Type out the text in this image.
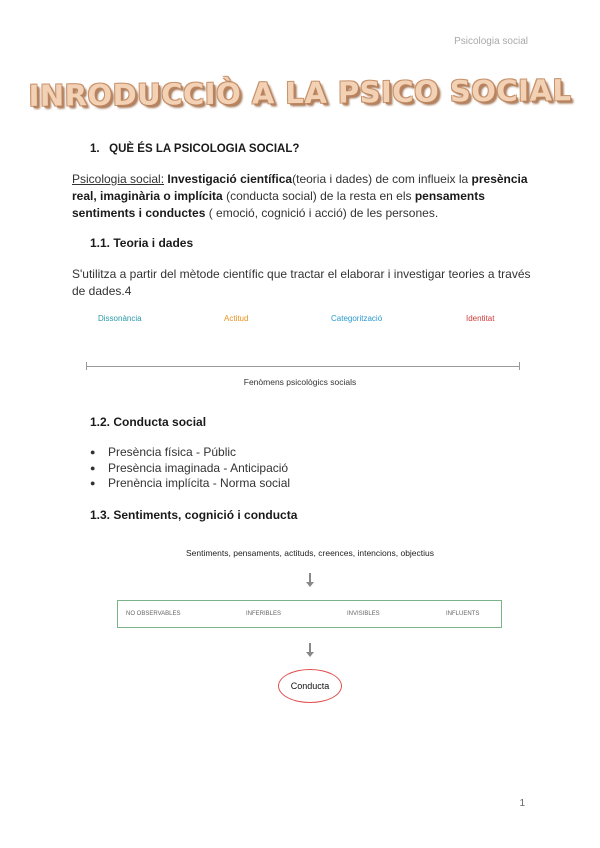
Psicologia social
INRODUCCIÒ A LA PSICO SOCIAL
1.   QUÈ ÉS LA PSICOLOGIA SOCIAL?
Psicologia social: Investigació científica(teoria i dades) de com influeix la presència real, imaginària o implícita (conducta social) de la resta en els pensaments sentiments i conductes ( emoció, cognició i acció) de les persones.
1.1. Teoria i dades
S'utilitza a partir del mètode científic que tractar el elaborar i investigar teories a través de dades.4
Dissonància	Actitud	Categorització	Identitat
Fenòmens psicològics socials
1.2. Conducta social
● Presència física - Públic
● Presència imaginada - Anticipació
● Prenència implícita - Norma social
1.3. Sentiments, cognició i conducta
Sentiments, pensaments, actituds, creences, intencions, objectius
NO OBSERVABLES	INFERIBLES	INVISIBLES	INFLUENTS
Conducta
1
